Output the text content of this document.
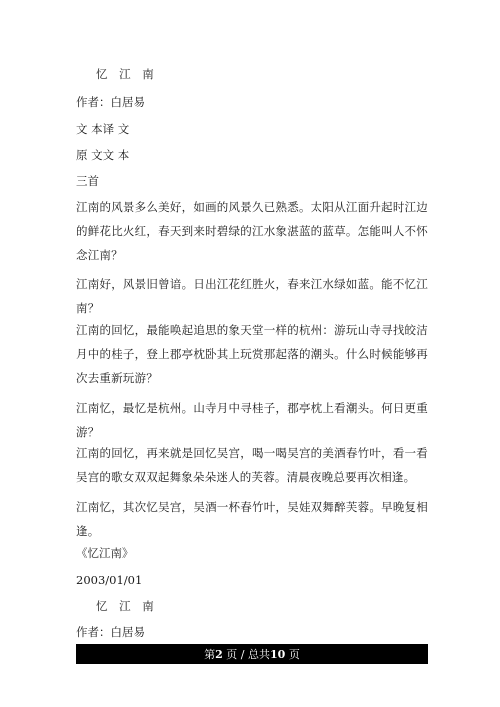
忆 江 南
作者：白居易
文 本译 文
原 文文 本
三首
江南的风景多么美好，如画的风景久已熟悉。太阳从江面升起时江边的鲜花比火红，春天到来时碧绿的江水象湛蓝的蓝草。怎能叫人不怀念江南？
江南好，风景旧曾谙。日出江花红胜火，春来江水绿如蓝。能不忆江南？
江南的回忆，最能唤起追思的象天堂一样的杭州：游玩山寺寻找皎洁月中的桂子，登上郡亭枕卧其上玩赏那起落的潮头。什么时候能够再次去重新玩游？
江南忆，最忆是杭州。山寺月中寻桂子，郡亭枕上看潮头。何日更重游？
江南的回忆，再来就是回忆吴宫，喝一喝吴宫的美酒春竹叶，看一看吴宫的歌女双双起舞象朵朵迷人的芙蓉。清晨夜晚总要再次相逢。
江南忆，其次忆吴宫，吴酒一杯春竹叶，吴娃双舞醉芙蓉。早晚复相逢。
《忆江南》
2003/01/01
忆 江 南
作者：白居易
第 2 页 / 总共 10 页
